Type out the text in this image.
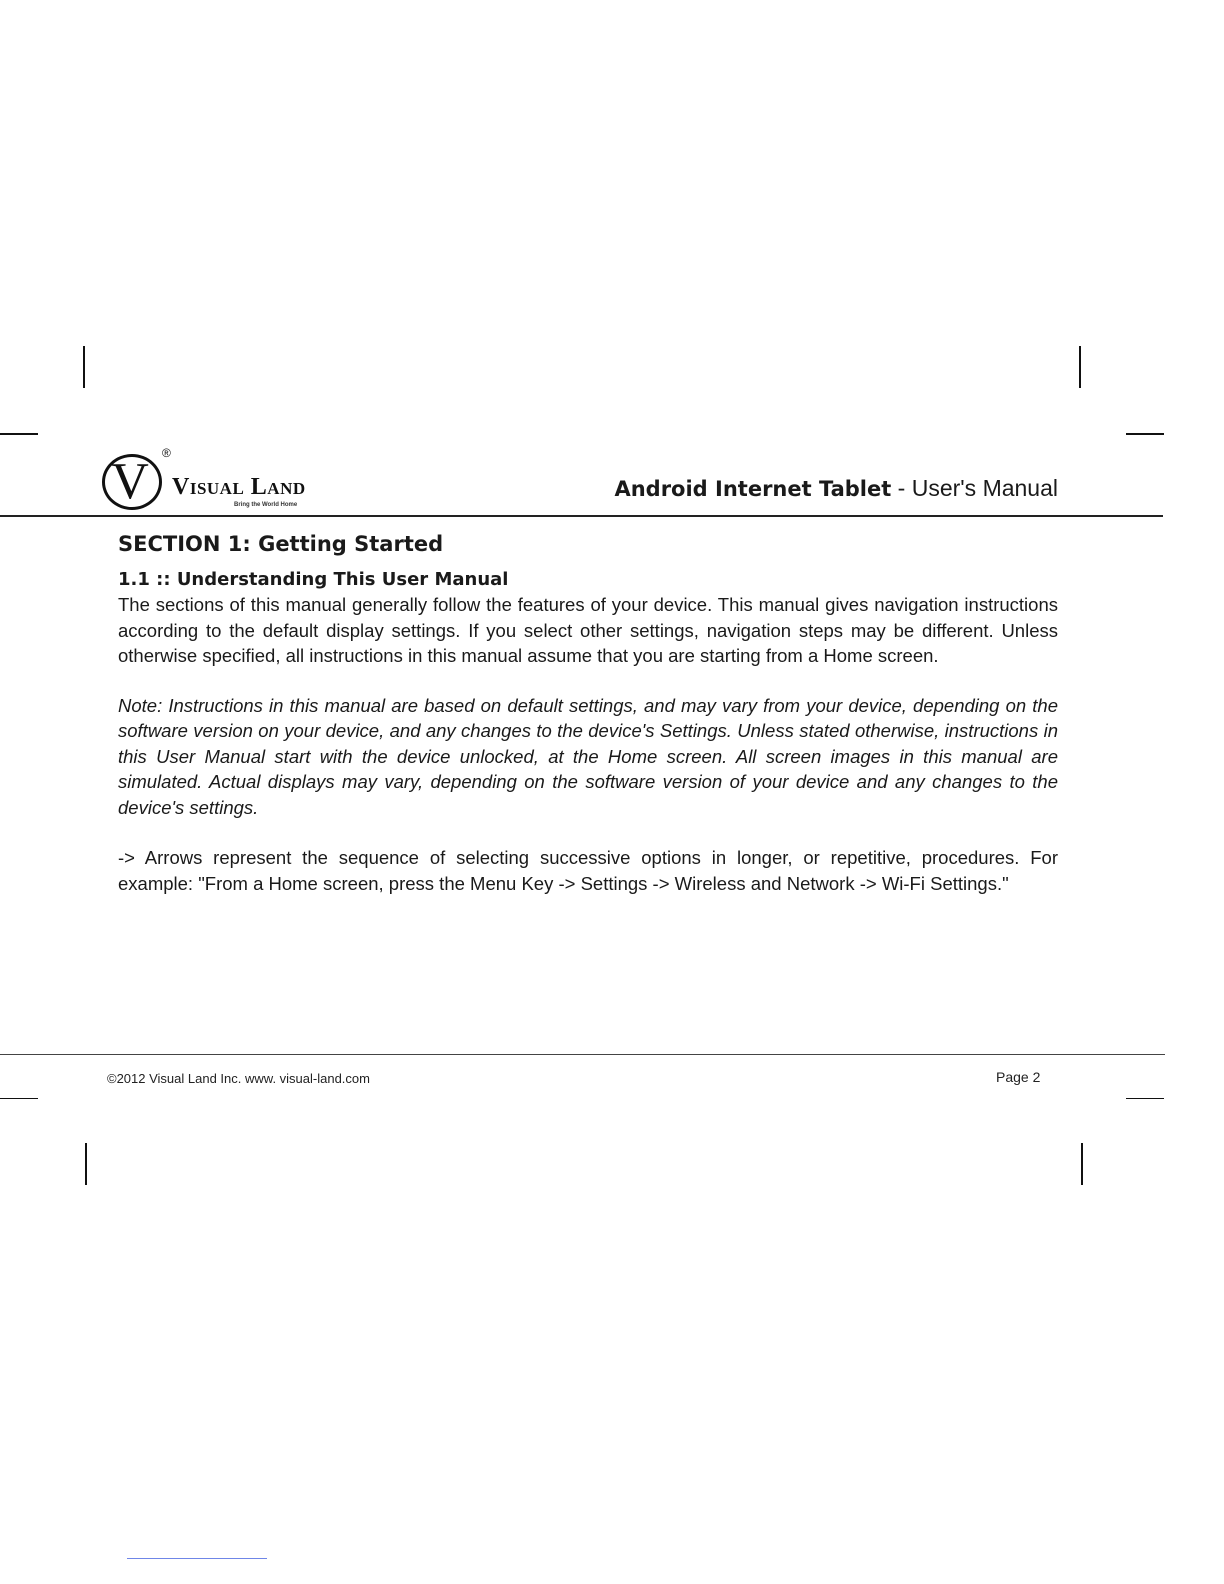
V	®
Visual Land
Bring the World Home
Android Internet Tablet - User's Manual
SECTION 1: Getting Started
1.1 :: Understanding This User Manual

The sections of this manual generally follow the features of your device. This manual gives navigation instructions according to the default display settings. If you select other settings, navigation steps may be different. Unless otherwise specified, all instructions in this manual assume that you are starting from a Home screen.

Note: Instructions in this manual are based on default settings, and may vary from your device, depending on the software version on your device, and any changes to the device's Settings. Unless stated otherwise, instructions in this User Manual start with the device unlocked, at the Home screen. All screen images in this manual are simulated. Actual displays may vary, depending on the software version of your device and any changes to the device's settings.

-> Arrows represent the sequence of selecting successive options in longer, or repetitive, procedures. For example: "From a Home screen, press the Menu Key -> Settings -> Wireless and Network -> Wi-Fi Settings."

©2012 Visual Land Inc. www. visual-land.com	Page 2
